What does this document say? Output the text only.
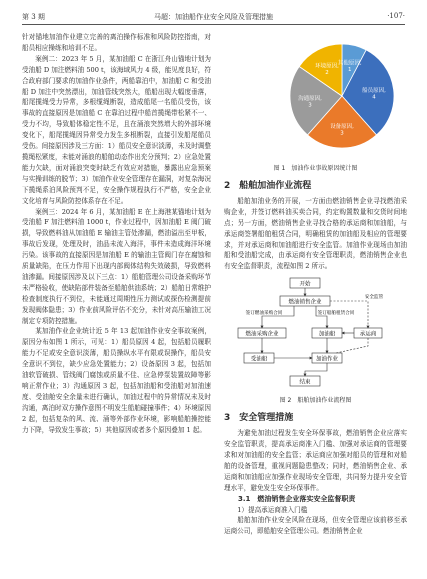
第 3 期	马超：加油船作业安全风险及管理措施	·107·

针对锚地加油作业建立完善的离泊操作标准和风险防控指南，对船员相应操练和培训不足。

案例二：2023 年 5 月，某加油船 C 在浙江舟山锚地计划为受油船 D 加注燃料油 500 t，该海域风力 4 级，能见度良好，符合政府部门要求的加油作业条件，两船靠泊中，加油船 C 和受油船 D 加注中突然漂出，加油管线突然大，船船出现大幅度垂落，船尾揽绳受力异常，多根缆绳断裂，造成船尾一名船员受伤，该事故的直接原因是加油船 C 在靠泊过程中船首揽绳带松紧不一、受力不均，导致船体稳定性不足，且在涌浪突然增大的外部环境变化下，船尾揽绳因异常受力发生多根断裂，直接引发船尾船员受伤。间接原因涉及三方面：1）船员安全意识淡薄，未及时调整揽绳松紧度，未能对涌浪的船舶动态作出充分预判；2）应急处置能力欠缺，面对涌浪突变时缺乏有效应对措施，暴露出应急预案与实操训练的脱节；3）加油作业安全管理存在漏洞，对复杂海况下揽绳系泊风险预判不足，安全操作规程执行不严格，安全企业文化培育与风险防控体系存在不足。

案例三：2024 年 6 月，某加油船 E 在上海港某锚地计划为受油船 F 加注燃料油 1000 t，作业过程中，因加油船 E 阀门破损，导致燃料油从加油船 E 输油主管处渗漏，燃油溢出至甲板，事故后发现，处理及时，油品未流入海洋，事件未造成海洋环境污染。该事故的直接原因是加油船 E 的输油主管阀门存在腐蚀和质量缺陷，在压力作用下出现内部阀体结构失效破损，导致燃料油渗漏。间接原因涉及以下三点：1）船舶管理公司设备采购环节未严格验收，使缺陷部件装备至船舶供油系统；2）船舶日常维护检查制度执行不到位，未能通过周期性压力测试或探伤检测提前发现阀体隐患；3）作业前风险评估不充分，未针对高压输油工况制定专项防控措施。

某加油作业企业统计近 5 年 13 起加油作业安全事故案例，原因分布如图 1 所示，可见：1）船员原因 4 起，包括船员履职能力不足或安全意识淡薄，船员操纵水平有限或误操作，船员安全意识不到位，缺少应急处置能力；2）设备原因 3 起，包括加油软管破损、管线阀门腐蚀或质量不佳、应急停泵装置故障等影响正常作业；3）沟通原因 3 起，包括加油船和受油船对加油速度、受油舱安全余量未进行确认，加油过程中的异常情况未及时沟通，离泊时双方操作意图不明发生船舶碰撞事件；4）环境原因 2 起，包括复杂的风、流、涌等外部作业环境，影响船舶操控能力下降，导致发生事故；5）其他原因或者多个原因叠加 1 起。

其他原因, 1
船员原因, 4
设备原因, 3
沟通原因, 3
环境原因, 2
图 1　加油作业事故原因统计图
2　船舶加油作业流程

船舶加油业务的开展，一方面由燃油销售企业寻找燃油采购企业，并签订燃料油买卖合同，约定购置数量和交货时间地点；另一方面，燃油销售企业寻找合格的承运商和加油船，与承运商签署船舶租赁合同，明确租赁的加油船及相应的管理要求，并对承运商和加油船进行安全监管。加油作业现场由加油船和受油船完成，由承运商有安全管理职责，燃油销售企业也有安全监督职责，流程如图 2 所示。

开始
燃油销售企业
燃油采购企业	加油船	承运商
受油船	加油作业
结束
签订燃油采购合同	签订船舶租赁合同
安全监管
图 2　船舶加油作业流程图
3　安全管理措施

为避免加油过程发生安全环保事故，燃油销售企业应落实安全监管职责，提高承运商准入门槛、加强对承运商的管理要求和对加油船的安全监管；承运商应加强对船员的管理和对船舶的设备管理，重视问题隐患整改；同时，燃油销售企业、承运商和加油船应加强作业现场安全管理，共同努力提升安全管理水平，避免发生安全环保事件。

3.1　燃油销售企业落实安全监督职责

1）提高承运商准入门槛

船舶加油作业安全风险在现场，但安全管理应该前移至承运商公司，即船舶安全管理公司。燃油销售企业
